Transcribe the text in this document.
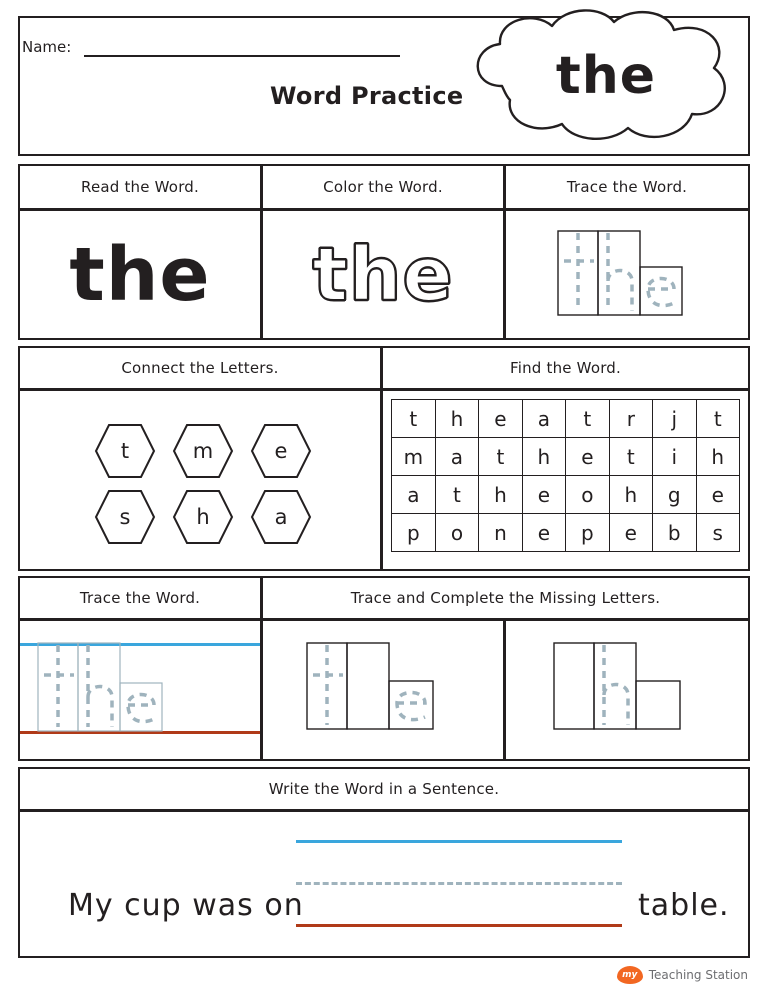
Name:
Word Practice	the
Read the Word.	Color the Word.	Trace the Word.
the	the
Connect the Letters.	Find the Word.
t	m	e
s	h	a
t	h	e	a	t	r	j	t
m	a	t	h	e	t	i	h
a	t	h	e	o	h	g	e
p	o	n	e	p	e	b	s
Trace the Word.	Trace and Complete the Missing Letters.
Write the Word in a Sentence.
My cup was on	table.
my Teaching Station
